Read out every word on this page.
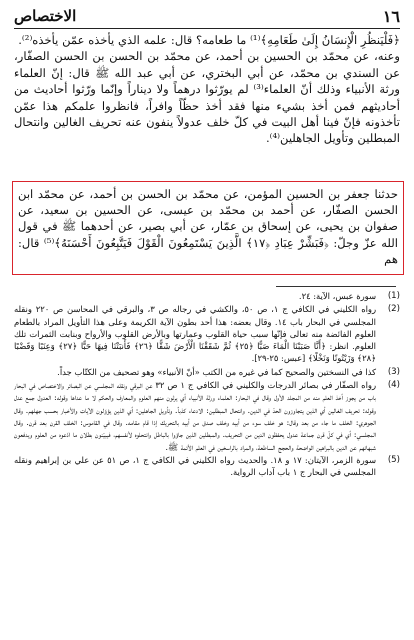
١٦
الاختصاص

﴿فَلْيَنظُرِ الْإِنسَانُ إِلَىٰ طَعَامِهِ﴾⁽¹⁾ ما طعامه؟ قال: علمه الذي يأخذه عمّن يأخذه⁽²⁾.

وعنه، عن محمّد بن الحسين بن أحمد، عن محمّد بن الحسن بن الحسن الصفّار، عن السندي بن محمّد، عن أبي البختري، عن أبي عبد الله ﷺ قال: إنّ العلماء ورثة الأنبياء وذلك أنّ العلماء⁽³⁾ لم يورّثوا درهماً ولا ديناراً وإنّما ورّثوا أحاديث من أحاديثهم فمن أخذ بشيء منها فقد أخذ حظّاً وافراً، فانظروا علمكم هذا عمّن تأخذونه فإنّ فينا أهل البيت في كلّ خلف عدولاً ينفون عنه تحريف الغالين وانتحال المبطلين وتأويل الجاهلين⁽⁴⁾.

حدثنا جعفر بن الحسين المؤمن، عن محمّد بن الحسن بن أحمد، عن محمّد ابن الحسن الصفّار، عن أحمد بن محمّد بن عيسى، عن الحسين بن سعيد، عن صفوان بن يحيى، عن إسحاق بن عمّار، عن أبي بصير، عن أحدهما ﷺ في قول الله عزّ وجلّ: ﴿فَبَشِّرْ عِبَادِ ﴿١٧﴾ الَّذِينَ يَسْتَمِعُونَ الْقَوْلَ فَيَتَّبِعُونَ أَحْسَنَهُ﴾⁽⁵⁾ قال: هم
(1)
سورة عبس، الآية: ٢٤.
(2)
رواه الكليني في الكافي ج ١، ص ٥٠، والكشي في رجاله ص ٣، والبرقي في المحاسن ص ٢٢٠ ونقله المجلسي في البحار باب ١٤. وقال بعضه: هذا أحد بطون الآية الكريمة وعلى هذا التأويل المراد بالطعام العلوم الفائضة منه تعالى فإنّها سبب حياة القلوب وعمارتها وبالأرض القلوب والأرواح وبنابت الثمرات تلك العلوم. انظر: ﴿أَنَّا صَبَبْنَا الْمَاءَ صَبًّا ﴿٢٥﴾ ثُمَّ شَقَقْنَا الْأَرْضَ شَقًّا ﴿٢٦﴾ فَأَنبَتْنَا فِيهَا حَبًّا ﴿٢٧﴾ وَعِنَبًا وَقَضْبًا ﴿٢٨﴾ وَزَيْتُونًا وَنَخْلًا﴾ [عبس: ٢٥-٢٩].
(3)
كذا في النسختين والصحيح كما في غيره من الكتب «أنّ الأنبياء» وهو تصحيف من الكتّاب جداً.
(4)
رواه الصفّار في بصائر الدرجات والكليني في الكافي ج ١ ص ٣٢ عن البرقي ونقله المجلسي عن البصائر والاختصاص في البحار باب من يجوز أخذ العلم منه من المجلد الأول وقال في البحار: العلماء ورثة الأنبياء أي يرثون منهم العلوم والمعارف والحكم لا ما عداها وقوله: العدول جمع عدل وقوله: تحريف الغالين أي الذين يتجاوزون الحدّ في الدين. وانتحال المبطلين: الادعاء كذباً. وتأويل الجاهلين: أي الذين يؤوّلون الآيات والأخبار بحسب جهلهم. وقال الجوهري: الخلف ما جاء من بعد وقال: هو خلف سوء من أبيه وخلف صدق من أبيه بالتحريك إذا قام مقامه. وقال في القاموس: الخلف القرن بعد قرن. وقال المجلسي: أي في كلّ قرن جماعة عدول يحفظون الدين من التحريف. والمبطلين الذين جاؤوا بالباطل وانتحلوه لأنفسهم، فيبيّنون بطلان ما ادّعوه من العلوم ويدفعون شبهاتهم عن الدين بالبراهين الواضحة والحجج الساطعة، والمراد بالراسخين في العلم الأئمة ﷺ.
(5)
سورة الزمر، الآيتان: ١٧ و ١٨. والحديث رواه الكليني في الكافي ج ١، ص ٥١ عن علي بن إبراهيم ونقله المجلسي في البحار ج ١ باب آداب الرواية.
